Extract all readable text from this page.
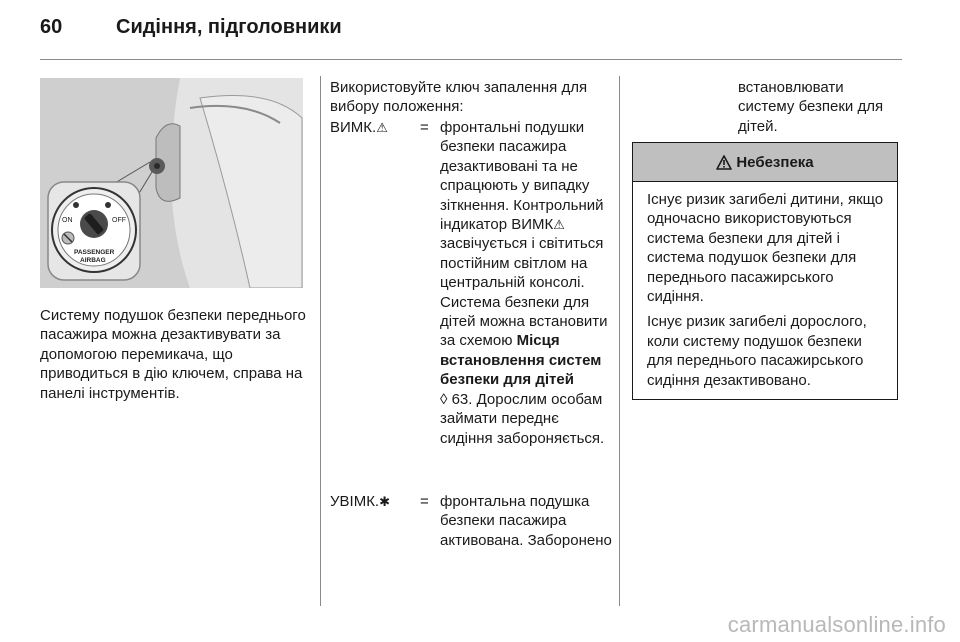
60	Сидіння, підголовники
ON	OFF
PASSENGER
AIRBAG

Систему подушок безпеки переднього пасажира можна дезактивувати за допомогою перемикача, що приводиться в дію ключем, справа на панелі інструментів.

Використовуйте ключ запалення для вибору положення:

ВИМК.⚠ = фронтальні подушки безпеки пасажира дезактивовані та не спрацюють у випадку зіткнення. Контрольний індикатор ВИМК⚠ засвічується і світиться постійним світлом на центральній консолі. Система безпеки для дітей можна встановити за схемою Місця встановлення систем безпеки для дітей
◊ 63. Дорослим особам займати переднє сидіння забороняється.

УВІМК.✱ = фронтальна подушка безпеки пасажира активована. Заборонено

встановлювати систему безпеки для дітей.

Небезпека

Існує ризик загибелі дитини, якщо одночасно використовуються система безпеки для дітей і система подушок безпеки для переднього пасажирського сидіння.

Існує ризик загибелі дорослого, коли систему подушок безпеки для переднього пасажирського сидіння дезактивовано.

carmanualsonline.info
